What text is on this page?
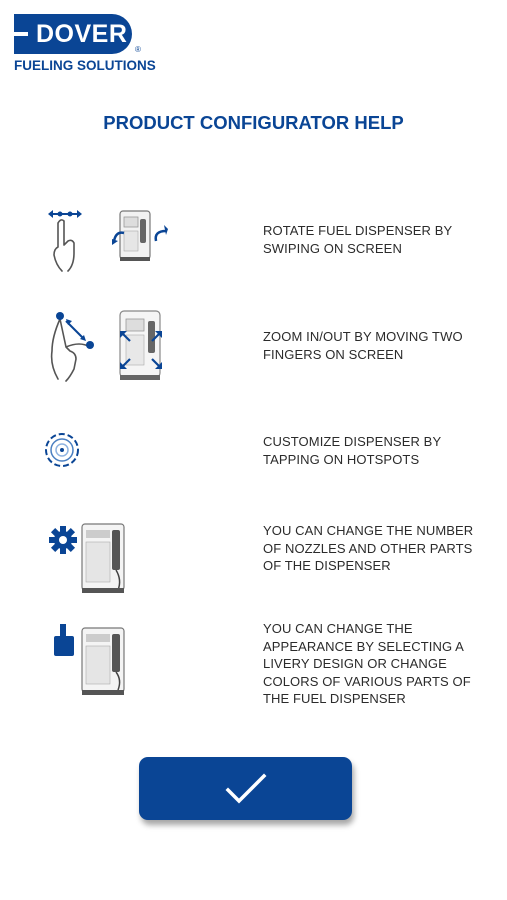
DOVER
®
FUELING SOLUTIONS
PRODUCT CONFIGURATOR HELP
ROTATE FUEL DISPENSER BY SWIPING ON SCREEN
ZOOM IN/OUT BY MOVING TWO FINGERS ON SCREEN
CUSTOMIZE DISPENSER BY TAPPING ON HOTSPOTS
YOU CAN CHANGE THE NUMBER OF NOZZLES AND OTHER PARTS OF THE DISPENSER
YOU CAN CHANGE THE APPEARANCE BY SELECTING A LIVERY DESIGN OR CHANGE COLORS OF VARIOUS PARTS OF THE FUEL DISPENSER
